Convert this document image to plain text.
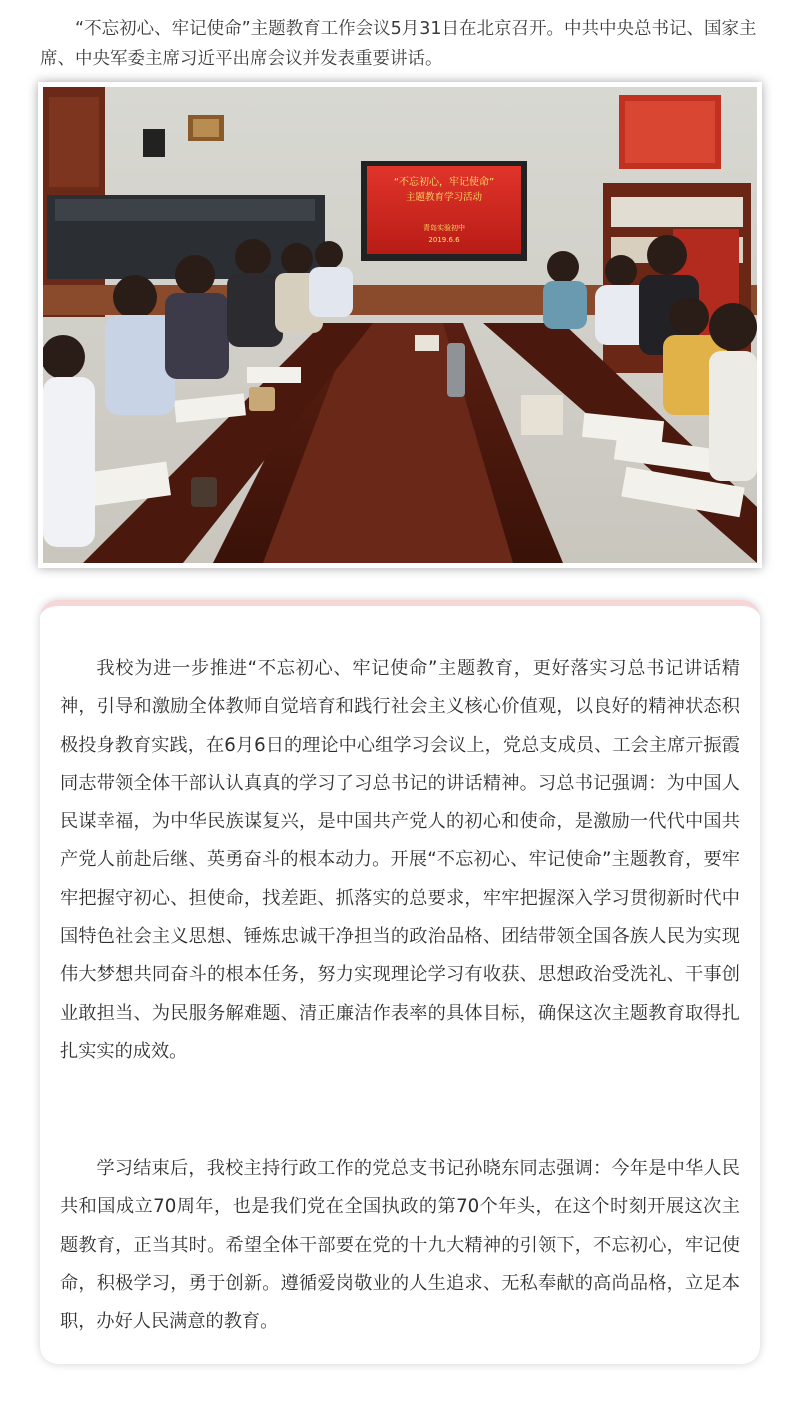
“不忘初心、牢记使命”主题教育工作会议5月31日在北京召开。中共中央总书记、国家主席、中央军委主席习近平出席会议并发表重要讲话。

“不忘初心，牢记使命”
主题教育学习活动
青岛实验初中
2019.6.6

我校为进一步推进“不忘初心、牢记使命”主题教育，更好落实习总书记讲话精神，引导和激励全体教师自觉培育和践行社会主义核心价值观，以良好的精神状态积极投身教育实践，在6月6日的理论中心组学习会议上，党总支成员、工会主席亓振霞同志带领全体干部认认真真的学习了习总书记的讲话精神。习总书记强调：为中国人民谋幸福，为中华民族谋复兴，是中国共产党人的初心和使命，是激励一代代中国共产党人前赴后继、英勇奋斗的根本动力。开展“不忘初心、牢记使命”主题教育，要牢牢把握守初心、担使命，找差距、抓落实的总要求，牢牢把握深入学习贯彻新时代中国特色社会主义思想、锤炼忠诚干净担当的政治品格、团结带领全国各族人民为实现伟大梦想共同奋斗的根本任务，努力实现理论学习有收获、思想政治受洗礼、干事创业敢担当、为民服务解难题、清正廉洁作表率的具体目标，确保这次主题教育取得扎扎实实的成效。

学习结束后，我校主持行政工作的党总支书记孙晓东同志强调：今年是中华人民共和国成立70周年，也是我们党在全国执政的第70个年头，在这个时刻开展这次主题教育，正当其时。希望全体干部要在党的十九大精神的引领下，不忘初心，牢记使命，积极学习，勇于创新。遵循爱岗敬业的人生追求、无私奉献的高尚品格，立足本职，办好人民满意的教育。
